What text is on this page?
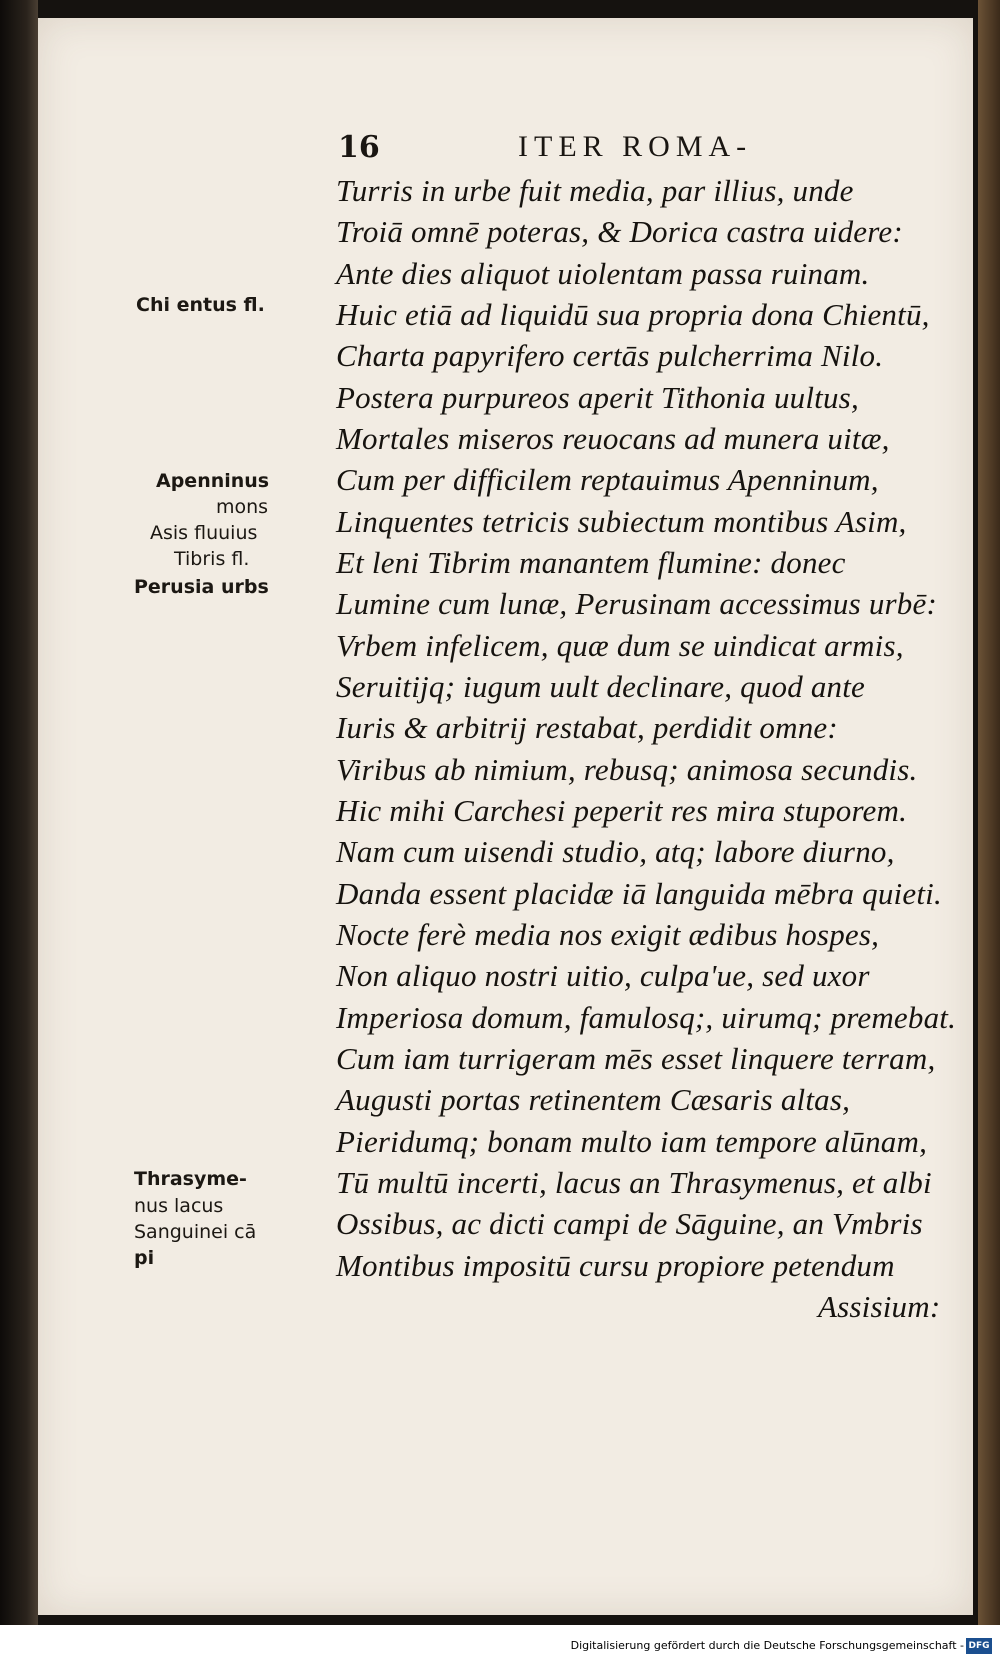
16	ITER ROMA-
Turris in urbe fuit media, par illius, unde
Troiā omnē poteras, & Dorica castra uidere:
Ante dies aliquot uiolentam passa ruinam.
Huic etiā ad liquidū sua propria dona Chientū,
Charta papyrifero certās pulcherrima Nilo.
Postera purpureos aperit Tithonia uultus,
Mortales miseros reuocans ad munera uitæ,
Cum per difficilem reptauimus Apenninum,
Linquentes tetricis subiectum montibus Asim,
Et leni Tibrim manantem flumine: donec
Lumine cum lunæ, Perusinam accessimus urbē:
Vrbem infelicem, quæ dum se uindicat armis,
Seruitijq; iugum uult declinare, quod ante
Iuris & arbitrij restabat, perdidit omne:
Viribus ab nimium, rebusq; animosa secundis.
Hic mihi Carchesi peperit res mira stuporem.
Nam cum uisendi studio, atq; labore diurno,
Danda essent placidæ iā languida mēbra quieti.
Nocte ferè media nos exigit ædibus hospes,
Non aliquo nostri uitio, culpa'ue, sed uxor
Imperiosa domum, famulosq;, uirumq; premebat.
Cum iam turrigeram mēs esset linquere terram,
Augusti portas retinentem Cæsaris altas,
Pieridumq; bonam multo iam tempore alūnam,
Tū multū incerti, lacus an Thrasymenus, et albi
Ossibus, ac dicti campi de Sāguine, an Vmbris
Montibus impositū cursu propiore petendum
Assisium:
Chi entus fl.
Apenninus
mons
Asis fluuius
Tibris fl.
Perusia urbs
Thrasyme-
nus lacus
Sanguinei cā
pi
Digitalisierung gefördert durch die Deutsche Forschungsgemeinschaft - DFG
